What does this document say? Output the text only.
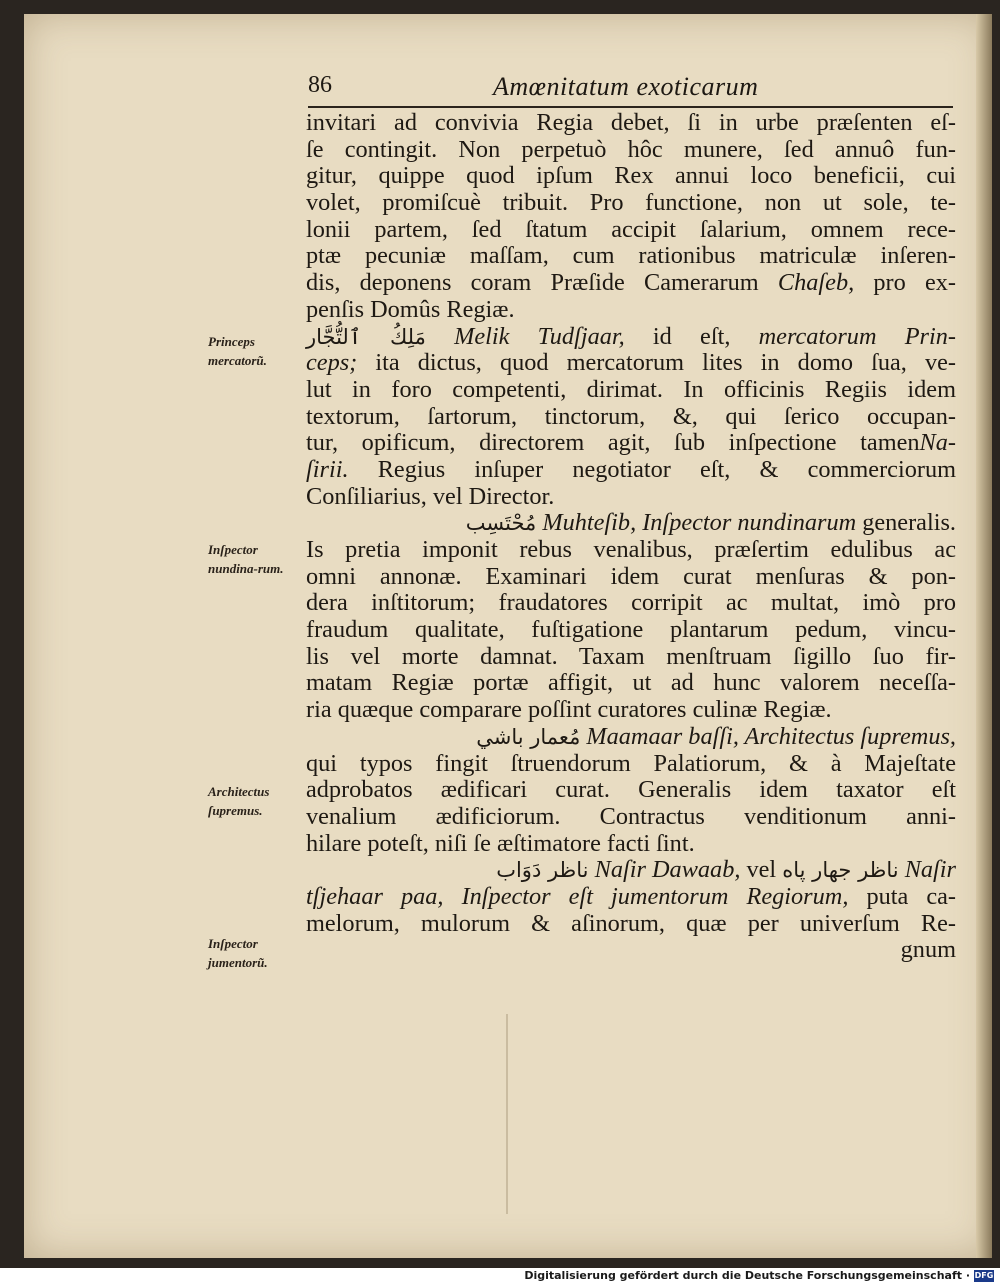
86	Amœnitatum exoticarum
Princeps mercatorũ.
Inſpector nundina-rum.
Architectus ſupremus.
Inſpector jumentorũ.
invitari ad convivia Regia debet, ſi in urbe præſenten eſ-
ſe contingit. Non perpetuò hôc munere, ſed annuô fun-
gitur, quippe quod ipſum Rex annui loco beneficii, cui
volet, promiſcuè tribuit. Pro functione, non ut sole, te-
lonii partem, ſed ſtatum accipit ſalarium, omnem rece-
ptæ pecuniæ maſſam, cum rationibus matriculæ inſeren-
dis, deponens coram Præſide Camerarum Chaſeb, pro ex-
penſis Domûs Regiæ.
مَلِكُ ٱلتُّجَّار Melik Tudſjaar, id eſt, mercatorum Prin-
ceps; ita dictus, quod mercatorum lites in domo ſua, ve-
lut in foro competenti, dirimat. In officinis Regiis idem
textorum, ſartorum, tinctorum, &, qui ſerico occupan-
tur, opificum, directorem agit, ſub inſpectione tamenNa-
ſirii. Regius inſuper negotiator eſt, & commerciorum
Conſiliarius, vel Director.
مُحْتَسِب Muhteſib, Inſpector nundinarum generalis.
Is pretia imponit rebus venalibus, præſertim edulibus ac
omni annonæ. Examinari idem curat menſuras & pon-
dera inſtitorum; fraudatores corripit ac multat, imò pro
fraudum qualitate, fuſtigatione plantarum pedum, vincu-
lis vel morte damnat. Taxam menſtruam ſigillo ſuo fir-
matam Regiæ portæ affigit, ut ad hunc valorem neceſſa-
ria quæque comparare poſſint curatores culinæ Regiæ.
مُعمار باشي Maamaar baſſi, Architectus ſupremus,
qui typos fingit ſtruendorum Palatiorum, & à Majeſtate
adprobatos ædificari curat. Generalis idem taxator eſt
venalium ædificiorum. Contractus venditionum anni-
hilare poteſt, niſi ſe æſtimatore facti ſint.
ناظر دَوَاب Naſir Dawaab, vel ناظر جهار پاه Naſir
tſjehaar paa, Inſpector eſt jumentorum Regiorum, puta ca-
melorum, mulorum & aſinorum, quæ per univerſum Re-
gnum
Digitalisierung gefördert durch die Deutsche Forschungsgemeinschaft · DFG
